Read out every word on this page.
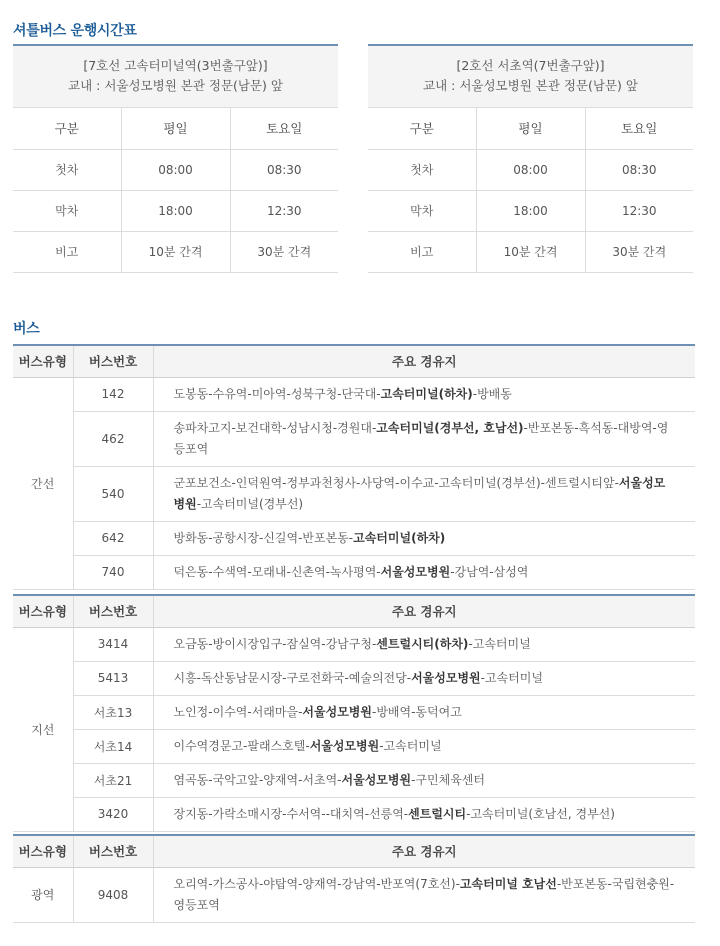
셔틀버스 운행시간표
[7호선 고속터미널역(3번출구앞)]
교내 : 서울성모병원 본관 정문(남문) 앞		

구분	평일	토요일
첫차	08:00	08:30
막차	18:00	12:30
비고	10분 간격	30분 간격
[2호선 서초역(7번출구앞)]
교내 : 서울성모병원 본관 정문(남문) 앞		

구분	평일	토요일
첫차	08:00	08:30
막차	18:00	12:30
비고	10분 간격	30분 간격
버스
버스유형	버스번호	주요 경유지
간선	142	도봉동-수유역-미아역-성북구청-단국대-고속터미널(하차)-방배동
	462	송파차고지-보건대학-성남시청-경원대-고속터미널(경부선, 호남선)-반포본동-흑석동-대방역-영등포역
	540	군포보건소-인덕원역-정부과천청사-사당역-이수교-고속터미널(경부선)-센트럴시티앞-서울성모병원-고속터미널(경부선)
	642	방화동-공항시장-신길역-반포본동-고속터미널(하차)
	740	덕은동-수색역-모래내-신촌역-녹사평역-서울성모병원-강남역-삼성역
버스유형	버스번호	주요 경유지
지선	3414	오금동-방이시장입구-잠실역-강남구청-센트럴시티(하차)-고속터미널
	5413	시흥-독산동남문시장-구로전화국-예술의전당-서울성모병원-고속터미널
	서초13	노인정-이수역-서래마을-서울성모병원-방배역-동덕여고
	서초14	이수역경문고-팔래스호텔-서울성모병원-고속터미널
	서초21	염곡동-국악고앞-양재역-서초역-서울성모병원-구민체육센터
	3420	장지동-가락소매시장-수서역--대치역-선릉역-센트럴시티-고속터미널(호남선, 경부선)
버스유형	버스번호	주요 경유지
광역	9408	오리역-가스공사-야탑역-양재역-강남역-반포역(7호선)-고속터미널 호남선-반포본동-국립현충원-영등포역
